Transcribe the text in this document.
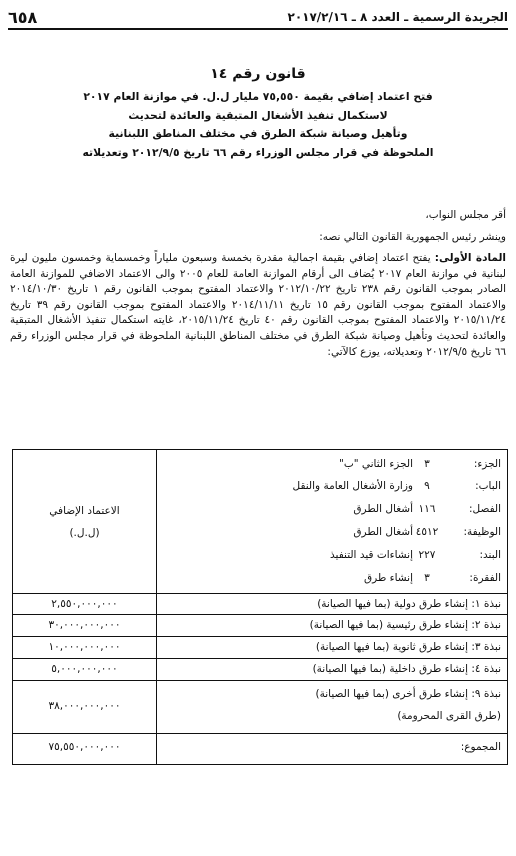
الجريدة الرسمية ـ العدد ٨ ـ ٢٠١٧/٢/١٦
٦٥٨
قانون رقم ١٤
فتح اعتماد إضافي بقيمة ٧٥,٥٥٠ مليار ل.ل. في موازنة العام ٢٠١٧
لاستكمال تنفيذ الأشغال المتبقية والعائدة لتحديث
وتأهيل وصيانة شبكة الطرق في مختلف المناطق اللبنانية
الملحوظة في قرار مجلس الوزراء رقم ٦٦ تاريخ ٢٠١٢/٩/٥ وتعديلاته
أقر مجلس النواب،
وينشر رئيس الجمهورية القانون التالي نصه:
المادة الأولى: يفتح اعتماد إضافي بقيمة اجمالية مقدرة بخمسة وسبعون ملياراً وخمسماية وخمسون مليون ليرة لبنانية في موازنة العام ٢٠١٧ يُضاف الى أرقام الموازنة العامة للعام ٢٠٠٥ والى الاعتماد الاضافي للموازنة العامة الصادر بموجب القانون رقم ٢٣٨ تاريخ ٢٠١٢/١٠/٢٢ والاعتماد المفتوح بموجب القانون رقم ١ تاريخ ٢٠١٤/١٠/٣٠ والاعتماد المفتوح بموجب القانون رقم ١٥ تاريخ ٢٠١٤/١١/١١ والاعتماد المفتوح بموجب القانون رقم ٣٩ تاريخ ٢٠١٥/١١/٢٤ والاعتماد المفتوح بموجب القانون رقم ٤٠ تاريخ ٢٠١٥/١١/٢٤، غايته استكمال تنفيذ الأشغال المتبقية والعائدة لتحديث وتأهيل وصيانة شبكة الطرق في مختلف المناطق اللبنانية الملحوظة في قرار مجلس الوزراء رقم ٦٦ تاريخ ٢٠١٢/٩/٥ وتعديلاته، يوزع كالآتي:
الاعتماد الإضافي
(ل.ل.)
الجزء:
٣
الجزء الثاني "ب"
الباب:
٩
وزارة الأشغال العامة والنقل
الفصل:
١١٦
أشغال الطرق
الوظيفة:
٤٥١٢
أشغال الطرق
البند:
٢٢٧
إنشاءات قيد التنفيذ
الفقرة:
٣
إنشاء طرق
نبذة ١: إنشاء طرق دولية (بما فيها الصيانة)
٢,٥٥٠,٠٠٠,٠٠٠
نبذة ٢: إنشاء طرق رئيسية (بما فيها الصيانة)
٣٠,٠٠٠,٠٠٠,٠٠٠
نبذة ٣: إنشاء طرق ثانوية (بما فيها الصيانة)
١٠,٠٠٠,٠٠٠,٠٠٠
نبذة ٤: إنشاء طرق داخلية (بما فيها الصيانة)
٥,٠٠٠,٠٠٠,٠٠٠
نبذة ٩: إنشاء طرق أخرى (بما فيها الصيانة)
(طرق القرى المحرومة)
٣٨,٠٠٠,٠٠٠,٠٠٠
المجموع:
٧٥,٥٥٠,٠٠٠,٠٠٠
